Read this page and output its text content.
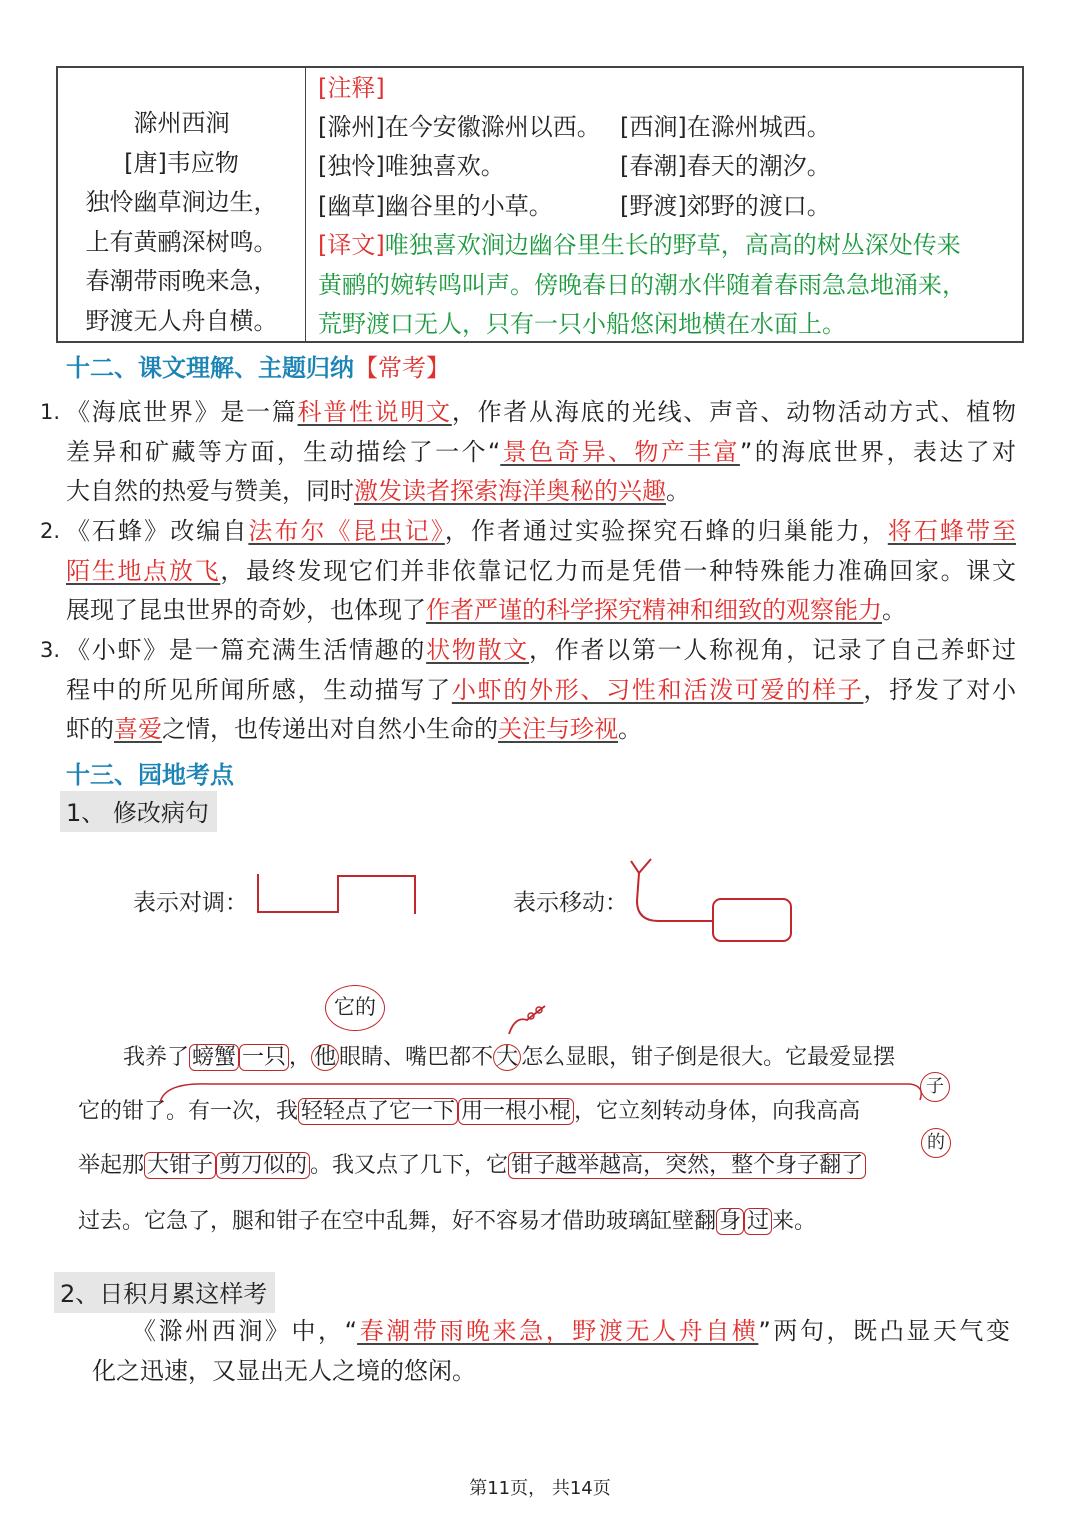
滁州西涧
[唐]韦应物
独怜幽草涧边生，
上有黄鹂深树鸣。
春潮带雨晚来急，
野渡无人舟自横。
[注释]
[滁州]在今安徽滁州以西。 [西涧]在滁州城西。
[独怜]唯独喜欢。	[春潮]春天的潮汐。
[幽草]幽谷里的小草。	[野渡]郊野的渡口。
[译文]唯独喜欢涧边幽谷里生长的野草，高高的树丛深处传来
黄鹂的婉转鸣叫声。傍晚春日的潮水伴随着春雨急急地涌来，
荒野渡口无人，只有一只小船悠闲地横在水面上。
十二、课文理解、主题归纳【常考】
1. 《海底世界》是一篇科普性说明文，作者从海底的光线、声音、动物活动方式、植物
差异和矿藏等方面，生动描绘了一个“景色奇异、物产丰富”的海底世界，表达了对
大自然的热爱与赞美，同时激发读者探索海洋奥秘的兴趣。
2. 《石蜂》改编自法布尔《昆虫记》，作者通过实验探究石蜂的归巢能力，将石蜂带至
陌生地点放飞，最终发现它们并非依靠记忆力而是凭借一种特殊能力准确回家。课文
展现了昆虫世界的奇妙，也体现了作者严谨的科学探究精神和细致的观察能力。
3. 《小虾》是一篇充满生活情趣的状物散文，作者以第一人称视角，记录了自己养虾过
程中的所见所闻所感，生动描写了小虾的外形、习性和活泼可爱的样子，抒发了对小
虾的喜爱之情，也传递出对自然小生命的关注与珍视。
十三、园地考点
1、 修改病句
表示对调：	表示移动：
它的
我养了 螃蟹 一只 ， 他 眼睛、嘴巴都不 大 怎么显眼，钳子倒是很大。它最爱显摆
它的钳了。有一次，我 轻轻点了它一下 用一根小棍 ，它立刻转动身体，向我高高
子
举起那 大钳子 剪刀似的 。我又点了几下，它 钳子越举越高，突然，整个身子翻了
的
过去。它急了，腿和钳子在空中乱舞，好不容易才借助玻璃缸壁翻 身 过 来。
2、日积月累这样考
《滁州西涧》中，“春潮带雨晚来急，野渡无人舟自横”两句，既凸显天气变
化之迅速，又显出无人之境的悠闲。
第11页， 共14页
